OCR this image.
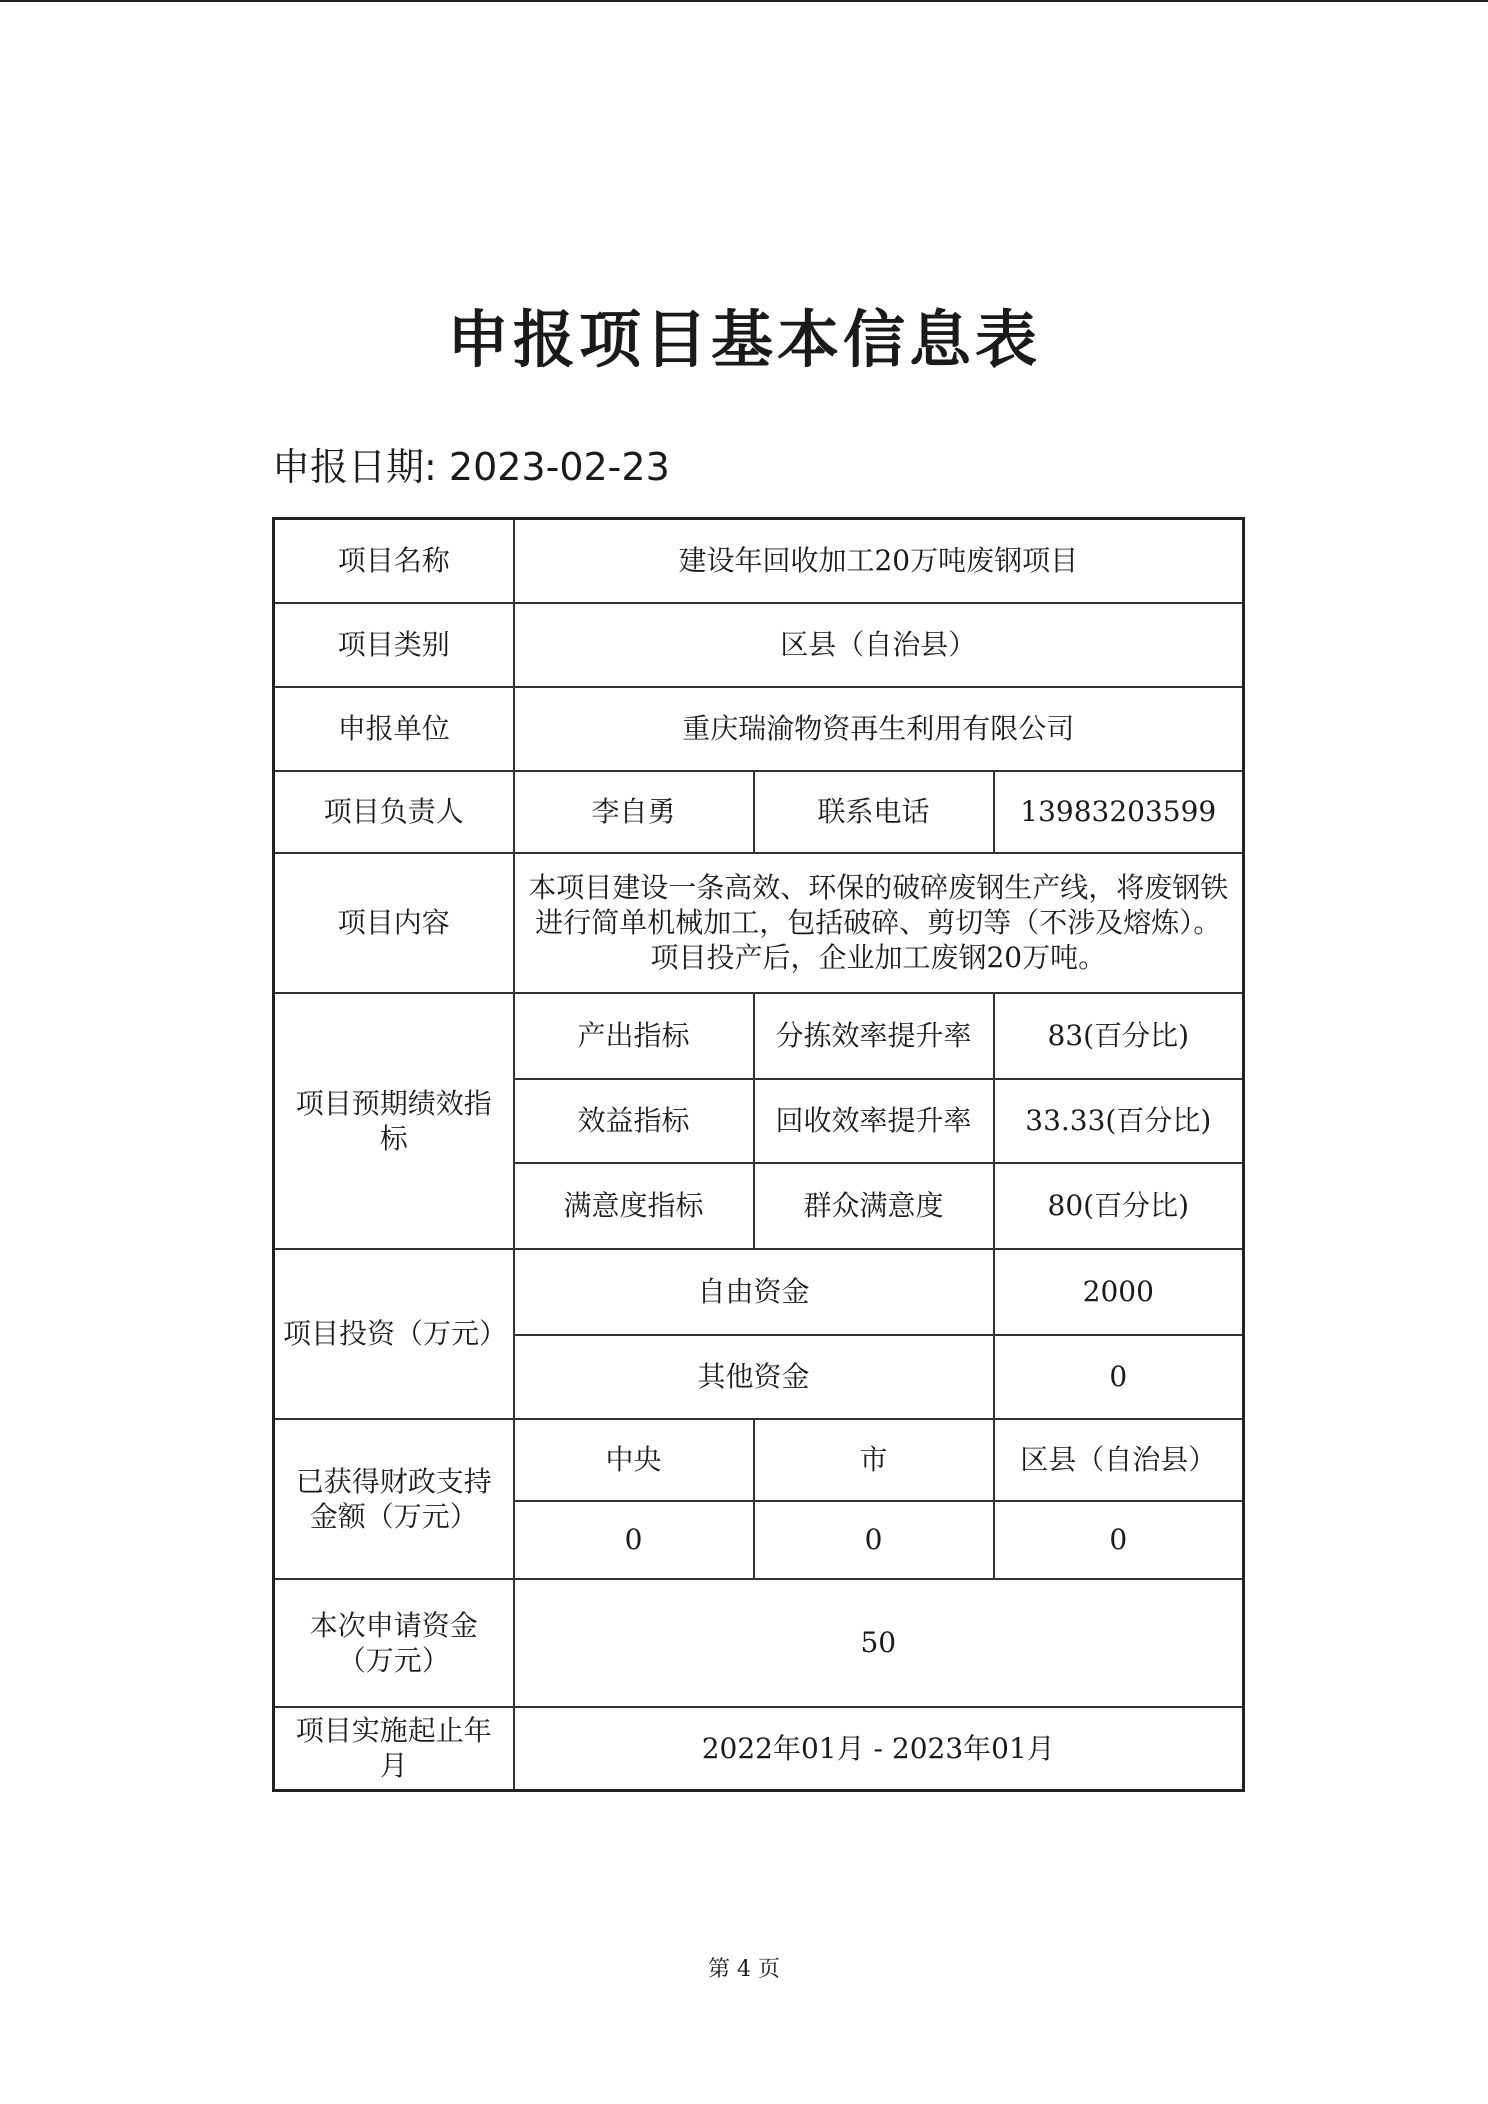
申报项目基本信息表
申报日期: 2023-02-23
项目名称	建设年回收加工20万吨废钢项目		
项目类别	区县（自治县）		
申报单位	重庆瑞渝物资再生利用有限公司		
项目负责人	李自勇	联系电话	13983203599
项目内容	本项目建设一条高效、环保的破碎废钢生产线，将废钢铁进行简单机械加工，包括破碎、剪切等（不涉及熔炼）。项目投产后，企业加工废钢20万吨。		
项目预期绩效指标	产出指标	分拣效率提升率	83(百分比)
	效益指标	回收效率提升率	33.33(百分比)
	满意度指标	群众满意度	80(百分比)
项目投资（万元）	自由资金		2000
	其他资金		0
已获得财政支持金额（万元）	中央	市	区县（自治县）
	0	0	0
本次申请资金（万元）	50		
项目实施起止年月	2022年01月 - 2023年01月		
第 4 页
